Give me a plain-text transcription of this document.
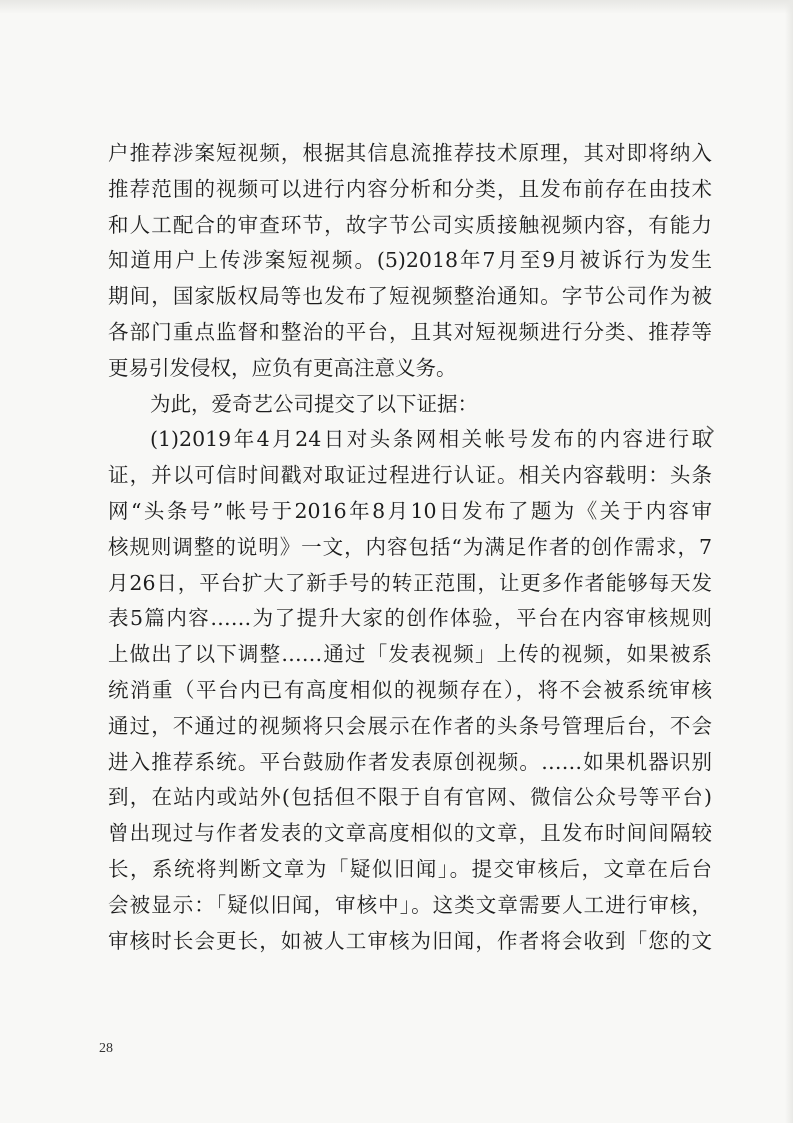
户推荐涉案短视频，根据其信息流推荐技术原理，其对即将纳入
推荐范围的视频可以进行内容分析和分类，且发布前存在由技术
和人工配合的审查环节，故字节公司实质接触视频内容，有能力
知道用户上传涉案短视频。(5)2018年7月至9月被诉行为发生
期间，国家版权局等也发布了短视频整治通知。字节公司作为被
各部门重点监督和整治的平台，且其对短视频进行分类、推荐等
更易引发侵权，应负有更高注意义务。
为此，爱奇艺公司提交了以下证据：
(1)2019年4月24日对头条网相关帐号发布的内容进行取
证，并以可信时间戳对取证过程进行认证。相关内容载明：头条
网“头条号”帐号于2016年8月10日发布了题为《关于内容审
核规则调整的说明》一文，内容包括“为满足作者的创作需求，7
月26日，平台扩大了新手号的转正范围，让更多作者能够每天发
表5篇内容……为了提升大家的创作体验，平台在内容审核规则
上做出了以下调整……通过「发表视频」上传的视频，如果被系
统消重（平台内已有高度相似的视频存在），将不会被系统审核
通过，不通过的视频将只会展示在作者的头条号管理后台，不会
进入推荐系统。平台鼓励作者发表原创视频。……如果机器识别
到，在站内或站外(包括但不限于自有官网、微信公众号等平台)
曾出现过与作者发表的文章高度相似的文章，且发布时间间隔较
长，系统将判断文章为「疑似旧闻」。提交审核后，文章在后台
会被显示：「疑似旧闻，审核中」。这类文章需要人工进行审核，
审核时长会更长，如被人工审核为旧闻，作者将会收到「您的文
28
